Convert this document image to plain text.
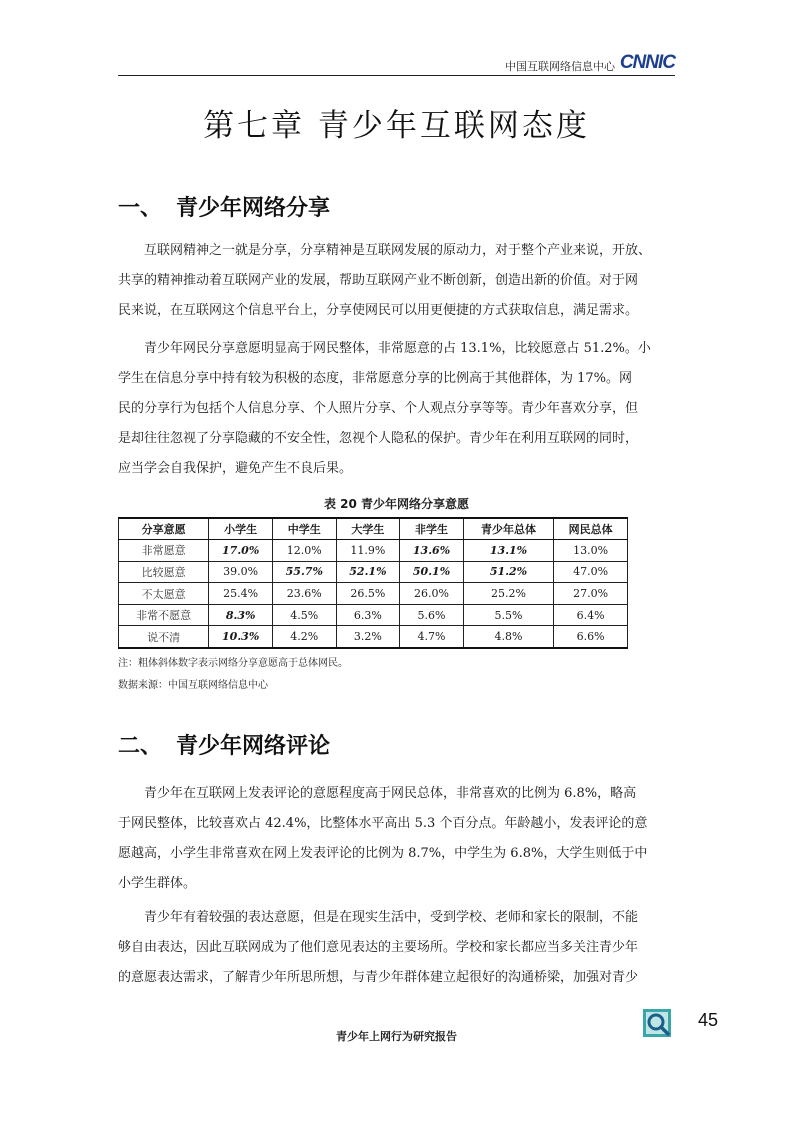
中国互联网络信息中心 CNNIC
第七章 青少年互联网态度
一、 青少年网络分享
互联网精神之一就是分享，分享精神是互联网发展的原动力，对于整个产业来说，开放、
共享的精神推动着互联网产业的发展，帮助互联网产业不断创新，创造出新的价值。对于网
民来说，在互联网这个信息平台上，分享使网民可以用更便捷的方式获取信息，满足需求。
青少年网民分享意愿明显高于网民整体，非常愿意的占 13.1%，比较愿意占 51.2%。小
学生在信息分享中持有较为积极的态度，非常愿意分享的比例高于其他群体，为 17%。网
民的分享行为包括个人信息分享、个人照片分享、个人观点分享等等。青少年喜欢分享，但
是却往往忽视了分享隐藏的不安全性，忽视个人隐私的保护。青少年在利用互联网的同时，
应当学会自我保护，避免产生不良后果。
表 20 青少年网络分享意愿
分享意愿	小学生	中学生	大学生	非学生	青少年总体	网民总体
非常愿意	17.0%	12.0%	11.9%	13.6%	13.1%	13.0%
比较愿意	39.0%	55.7%	52.1%	50.1%	51.2%	47.0%
不太愿意	25.4%	23.6%	26.5%	26.0%	25.2%	27.0%
非常不愿意	8.3%	4.5%	6.3%	5.6%	5.5%	6.4%
说不清	10.3%	4.2%	3.2%	4.7%	4.8%	6.6%
注：粗体斜体数字表示网络分享意愿高于总体网民。
数据来源：中国互联网络信息中心
二、 青少年网络评论
青少年在互联网上发表评论的意愿程度高于网民总体，非常喜欢的比例为 6.8%，略高
于网民整体，比较喜欢占 42.4%，比整体水平高出 5.3 个百分点。年龄越小，发表评论的意
愿越高，小学生非常喜欢在网上发表评论的比例为 8.7%，中学生为 6.8%，大学生则低于中
小学生群体。
青少年有着较强的表达意愿，但是在现实生活中，受到学校、老师和家长的限制，不能
够自由表达，因此互联网成为了他们意见表达的主要场所。学校和家长都应当多关注青少年
的意愿表达需求，了解青少年所思所想，与青少年群体建立起很好的沟通桥梁，加强对青少
青少年上网行为研究报告
45
